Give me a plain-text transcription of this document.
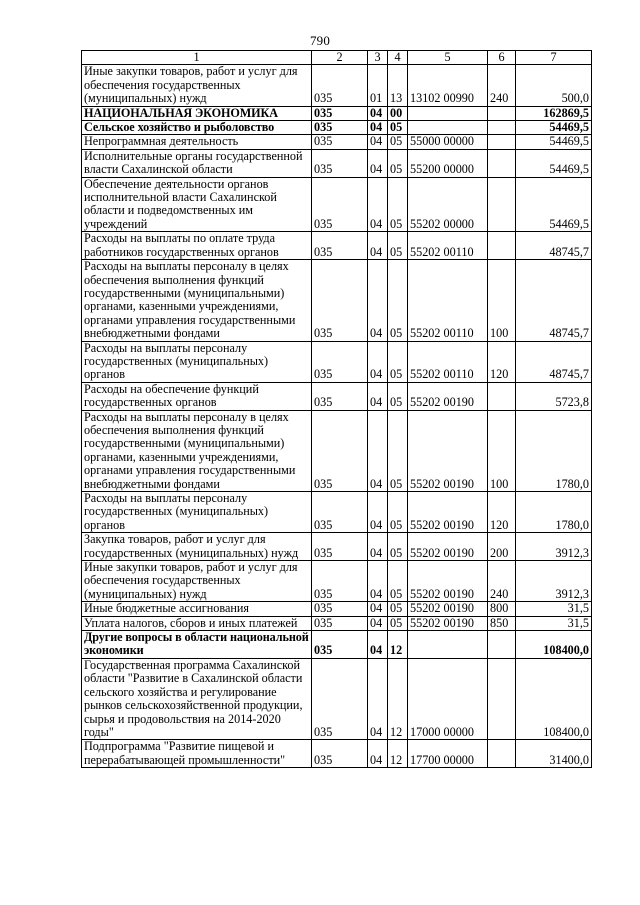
790
1	2	3	4	5	6	7
Иные закупки товаров, работ и услуг для обеспечения государственных (муниципальных) нужд	035	01	13	13102 00990	240	500,0
НАЦИОНАЛЬНАЯ ЭКОНОМИКА	035	04	00			162869,5
Сельское хозяйство и рыболовство	035	04	05			54469,5
Непрограммная деятельность	035	04	05	55000 00000		54469,5
Исполнительные органы государственной власти Сахалинской области	035	04	05	55200 00000		54469,5
Обеспечение деятельности органов исполнительной власти Сахалинской области и подведомственных им учреждений	035	04	05	55202 00000		54469,5
Расходы на выплаты по оплате труда работников государственных органов	035	04	05	55202 00110		48745,7
Расходы на выплаты персоналу в целях обеспечения выполнения функций государственными (муниципальными) органами, казенными учреждениями, органами управления государственными внебюджетными фондами	035	04	05	55202 00110	100	48745,7
Расходы на выплаты персоналу государственных (муниципальных) органов	035	04	05	55202 00110	120	48745,7
Расходы на обеспечение функций государственных органов	035	04	05	55202 00190		5723,8
Расходы на выплаты персоналу в целях обеспечения выполнения функций государственными (муниципальными) органами, казенными учреждениями, органами управления государственными внебюджетными фондами	035	04	05	55202 00190	100	1780,0
Расходы на выплаты персоналу государственных (муниципальных) органов	035	04	05	55202 00190	120	1780,0
Закупка товаров, работ и услуг для государственных (муниципальных) нужд	035	04	05	55202 00190	200	3912,3
Иные закупки товаров, работ и услуг для обеспечения государственных (муниципальных) нужд	035	04	05	55202 00190	240	3912,3
Иные бюджетные ассигнования	035	04	05	55202 00190	800	31,5
Уплата налогов, сборов и иных платежей	035	04	05	55202 00190	850	31,5
Другие вопросы в области национальной экономики	035	04	12			108400,0
Государственная программа Сахалинской области "Развитие в Сахалинской области сельского хозяйства и регулирование рынков сельскохозяйственной продукции, сырья и продовольствия на 2014-2020 годы"	035	04	12	17000 00000		108400,0
Подпрограмма "Развитие пищевой и перерабатывающей промышленности"	035	04	12	17700 00000		31400,0
